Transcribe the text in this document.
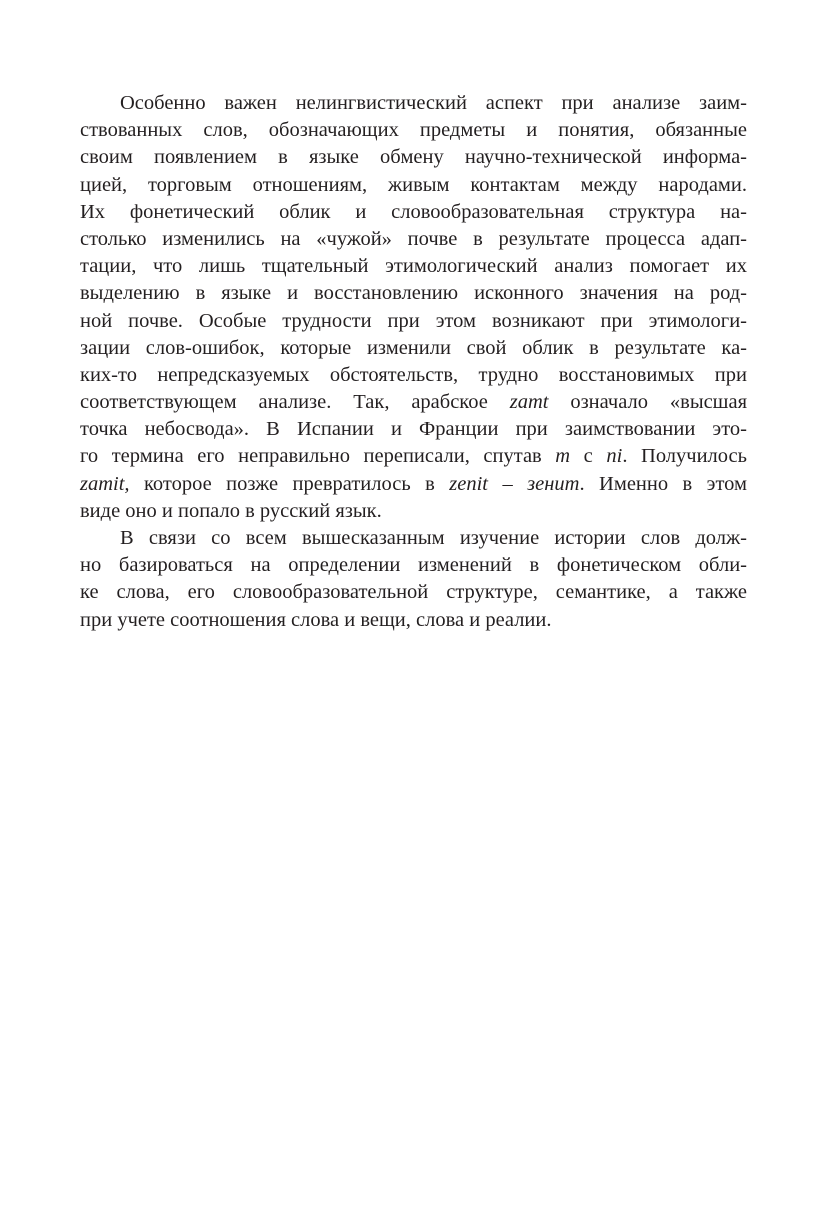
Особенно важен нелингвистический аспект при анализе заим-
ствованных слов, обозначающих предметы и понятия, обязанные
своим появлением в языке обмену научно-технической информа-
цией, торговым отношениям, живым контактам между народами.
Их фонетический облик и словообразовательная структура на-
столько изменились на «чужой» почве в результате процесса адап-
тации, что лишь тщательный этимологический анализ помогает их
выделению в языке и восстановлению исконного значения на род-
ной почве. Особые трудности при этом возникают при этимологи-
зации слов-ошибок, которые изменили свой облик в результате ка-
ких-то непредсказуемых обстоятельств, трудно восстановимых при
соответствующем анализе. Так, арабское zamt означало «высшая
точка небосвода». В Испании и Франции при заимствовании это-
го термина его неправильно переписали, спутав m с ni. Получилось
zamit, которое позже превратилось в zenit – зенит. Именно в этом
виде оно и попало в русский язык.
В связи со всем вышесказанным изучение истории слов долж-
но базироваться на определении изменений в фонетическом обли-
ке слова, его словообразовательной структуре, семантике, а также
при учете соотношения слова и вещи, слова и реалии.
